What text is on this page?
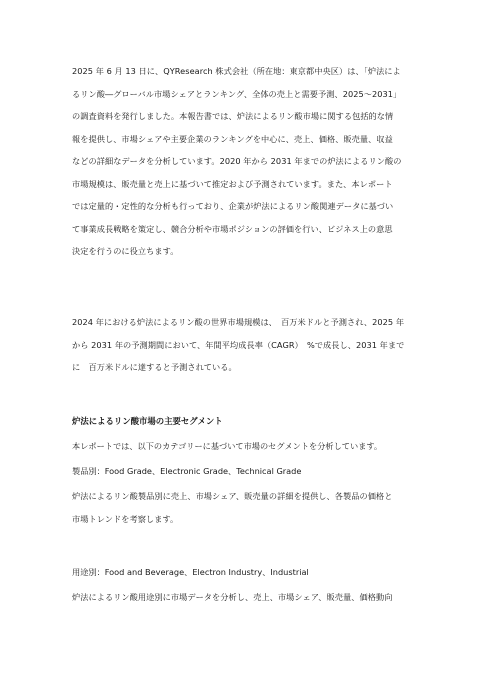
2025 年 6 月 13 日に、QYResearch 株式会社（所在地：東京都中央区）は、「炉法によ
るリン酸―グローバル市場シェアとランキング、全体の売上と需要予測、2025～2031」
の調査資料を発行しました。本報告書では、炉法によるリン酸市場に関する包括的な情
報を提供し、市場シェアや主要企業のランキングを中心に、売上、価格、販売量、収益
などの詳細なデータを分析しています。2020 年から 2031 年までの炉法によるリン酸の
市場規模は、販売量と売上に基づいて推定および予測されています。また、本レポート
では定量的・定性的な分析も行っており、企業が炉法によるリン酸関連データに基づい
て事業成長戦略を策定し、競合分析や市場ポジションの評価を行い、ビジネス上の意思
決定を行うのに役立ちます。
2024 年における炉法によるリン酸の世界市場規模は、　百万米ドルと予測され、2025 年
から 2031 年の予測期間において、年間平均成長率（CAGR）　%で成長し、2031 年まで
に　百万米ドルに達すると予測されている。
炉法によるリン酸市場の主要セグメント
本レポートでは、以下のカテゴリーに基づいて市場のセグメントを分析しています。
製品別：Food Grade、Electronic Grade、Technical Grade
炉法によるリン酸製品別に売上、市場シェア、販売量の詳細を提供し、各製品の価格と
市場トレンドを考察します。
用途別：Food and Beverage、Electron Industry、Industrial
炉法によるリン酸用途別に市場データを分析し、売上、市場シェア、販売量、価格動向
